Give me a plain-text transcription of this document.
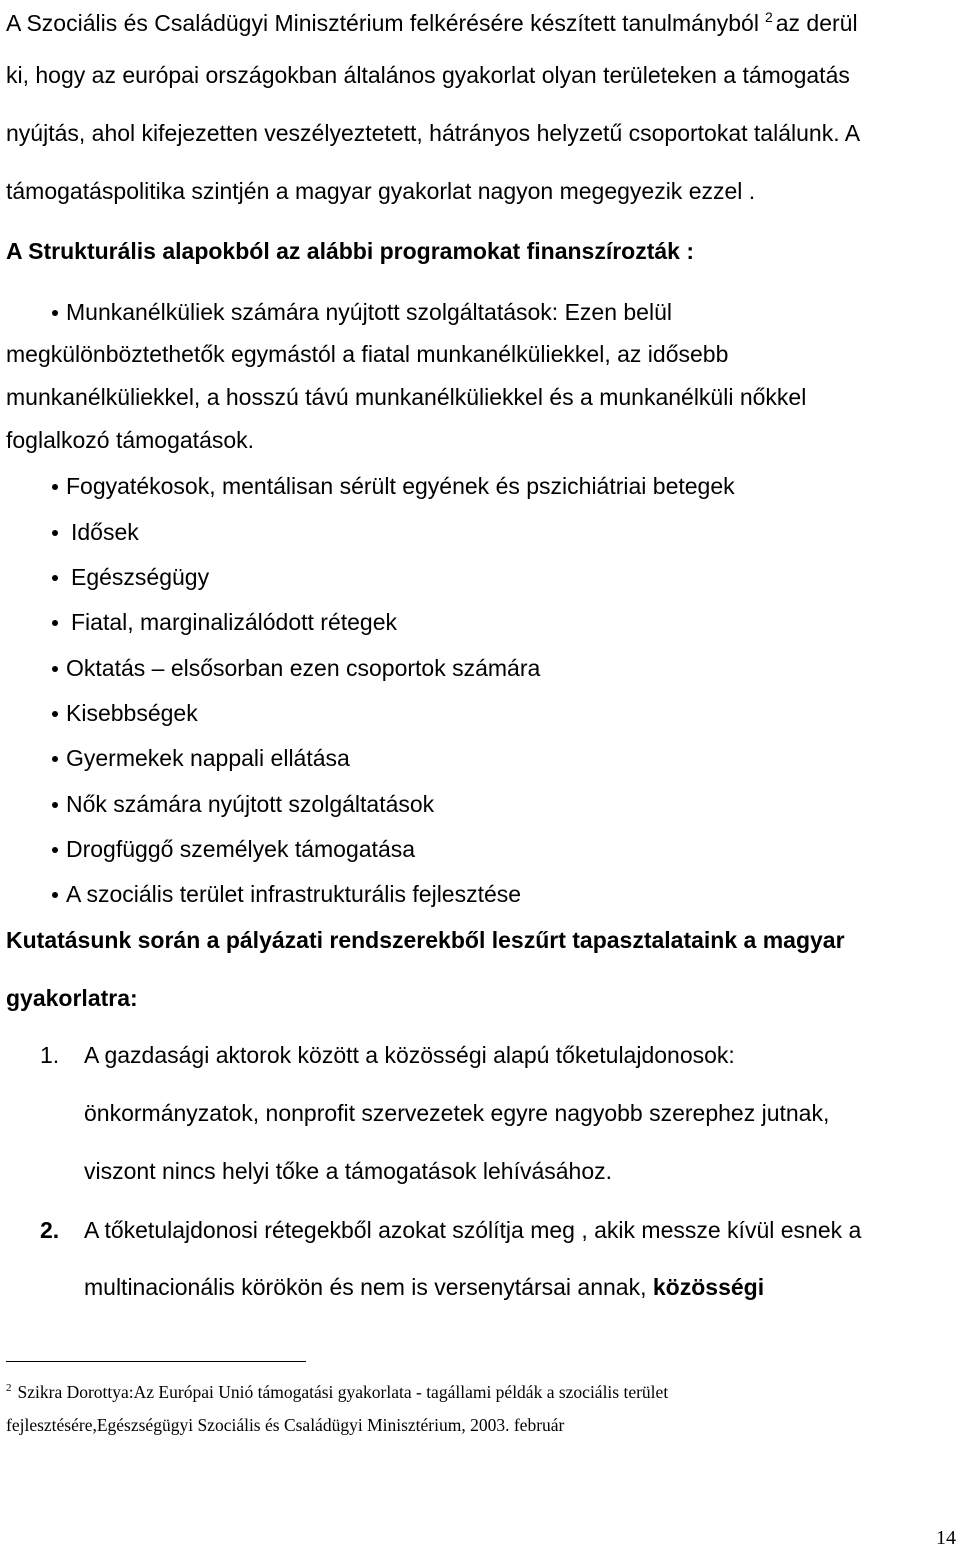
A Szociális és Családügyi Minisztérium felkérésére készített tanulmányból $^2$ az derül
ki, hogy az európai országokban általános gyakorlat olyan területeken a támogatás
nyújtás, ahol kifejezetten veszélyeztetett, hátrányos helyzetű csoportokat találunk. A
támogatáspolitika szintjén a magyar gyakorlat nagyon megegyezik ezzel .
A Strukturális alapokból az alábbi programokat finanszírozták :
Munkanélküliek számára nyújtott szolgáltatások: Ezen belül
megkülönböztethetők egymástól a fiatal munkanélküliekkel, az idősebb
munkanélküliekkel, a hosszú távú munkanélküliekkel és a munkanélküli nőkkel
foglalkozó támogatások.
Fogyatékosok, mentálisan sérült egyének és pszichiátriai betegek
Idősek
Egészségügy
Fiatal, marginalizálódott rétegek
Oktatás – elsősorban ezen csoportok számára
Kisebbségek
Gyermekek nappali ellátása
Nők számára nyújtott szolgáltatások
Drogfüggő személyek támogatása
A szociális terület infrastrukturális fejlesztése
Kutatásunk során a pályázati rendszerekből leszűrt tapasztalataink a magyar
gyakorlatra:
1. A gazdasági aktorok között a közösségi alapú tőketulajdonosok:
önkormányzatok, nonprofit szervezetek egyre nagyobb szerephez jutnak,
viszont nincs helyi tőke a támogatások lehívásához.
2. A tőketulajdonosi rétegekből azokat szólítja meg , akik messze kívül esnek a
multinacionális körökön és nem is versenytársai annak, közösségi
$^2$ Szikra Dorottya:Az Európai Unió támogatási gyakorlata - tagállami példák a szociális terület
fejlesztésére,Egészségügyi Szociális és Családügyi Minisztérium, 2003. február
14
